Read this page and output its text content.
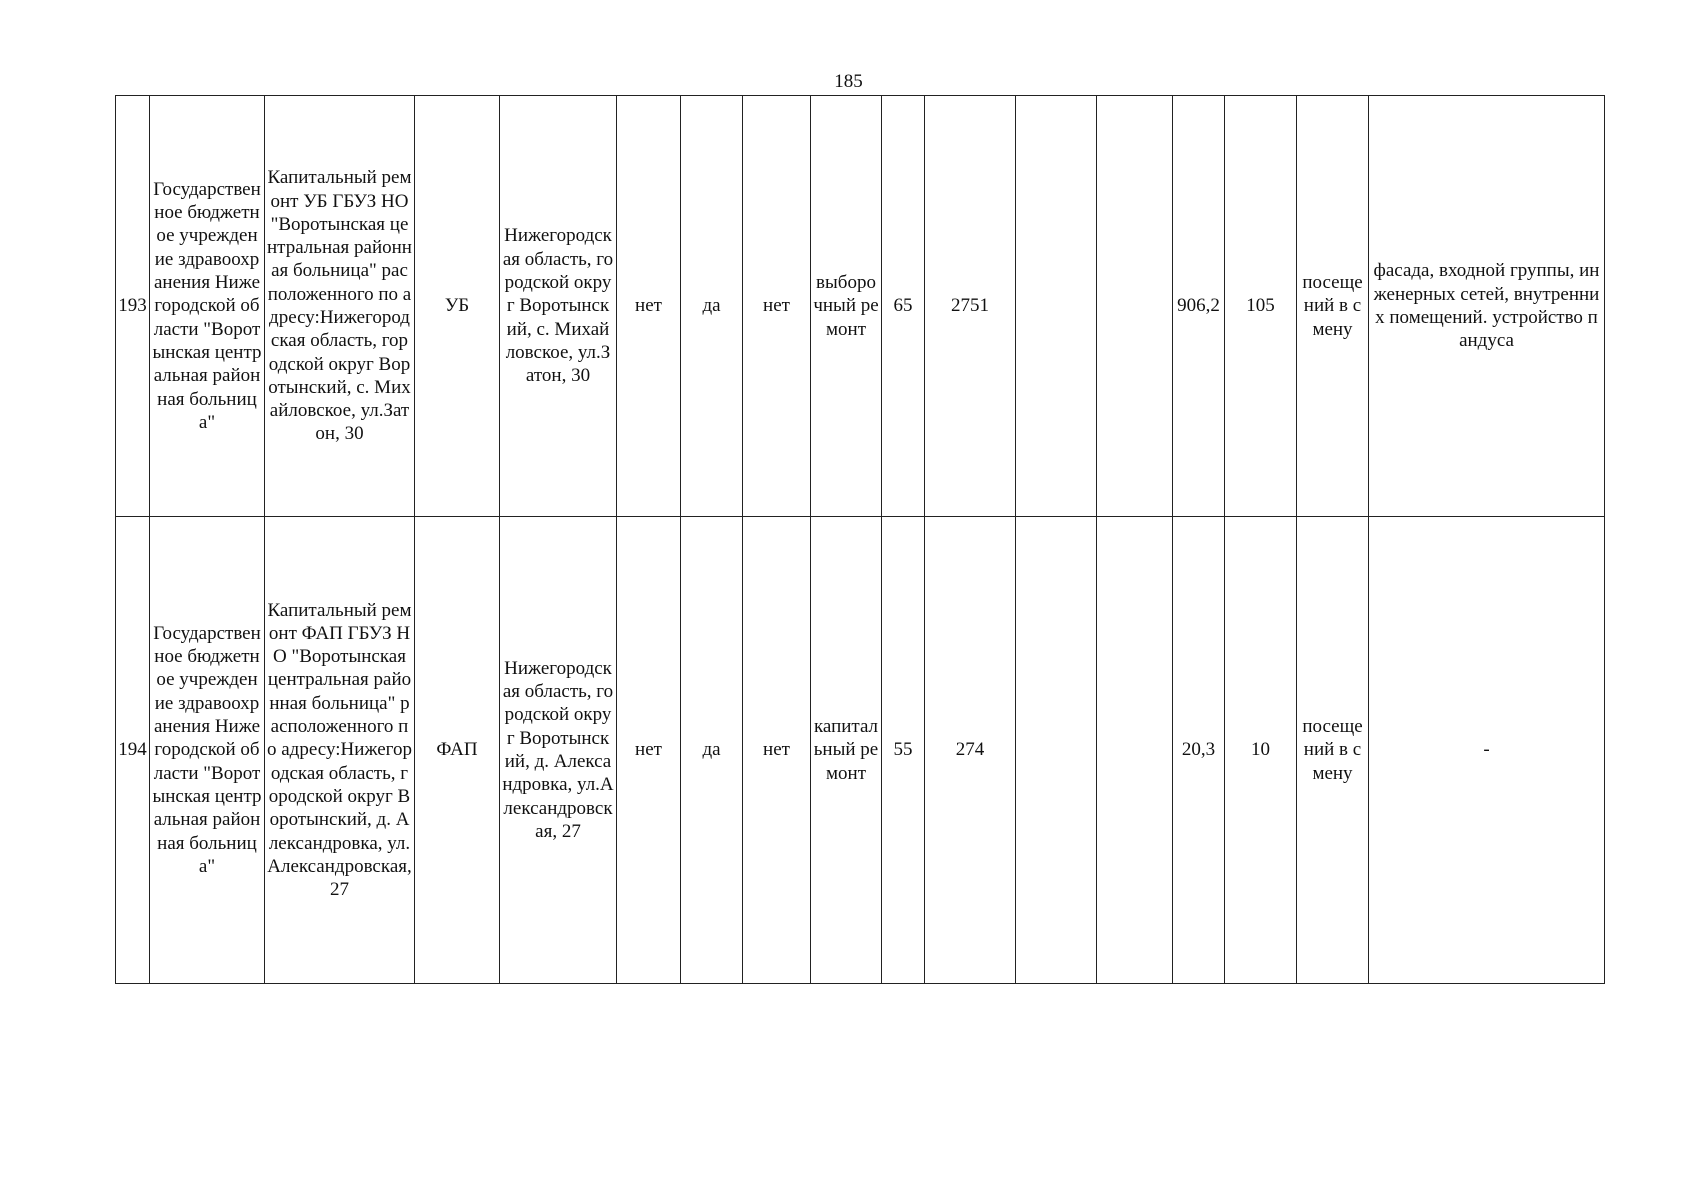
185
193	Государственное бюджетное учреждение здравоохранения Нижегородской области "Воротынская центральная районная больница"	Капитальный ремонт УБ ГБУЗ НО "Воротынская центральная районная больница" расположенного по адресу:Нижегородская область, городской округ Воротынский, с. Михайловское, ул.Затон, 30	УБ	Нижегородская область, городской округ Воротынский, с. Михайловское, ул.Затон, 30	нет	да	нет	выборочный ремонт	65	2751			906,2	105	посещений в смену	фасада, входной группы, инженерных сетей, внутренних помещений. устройство пандуса
194	Государственное бюджетное учреждение здравоохранения Нижегородской области "Воротынская центральная районная больница"	Капитальный ремонт ФАП ГБУЗ НО "Воротынская центральная районная больница" расположенного по адресу:Нижегородская область, городской округ Воротынский, д. Александровка, ул.Александровская, 27	ФАП	Нижегородская область, городской округ Воротынский, д. Александровка, ул.Александровская, 27	нет	да	нет	капитальный ремонт	55	274			20,3	10	посещений в смену	-
